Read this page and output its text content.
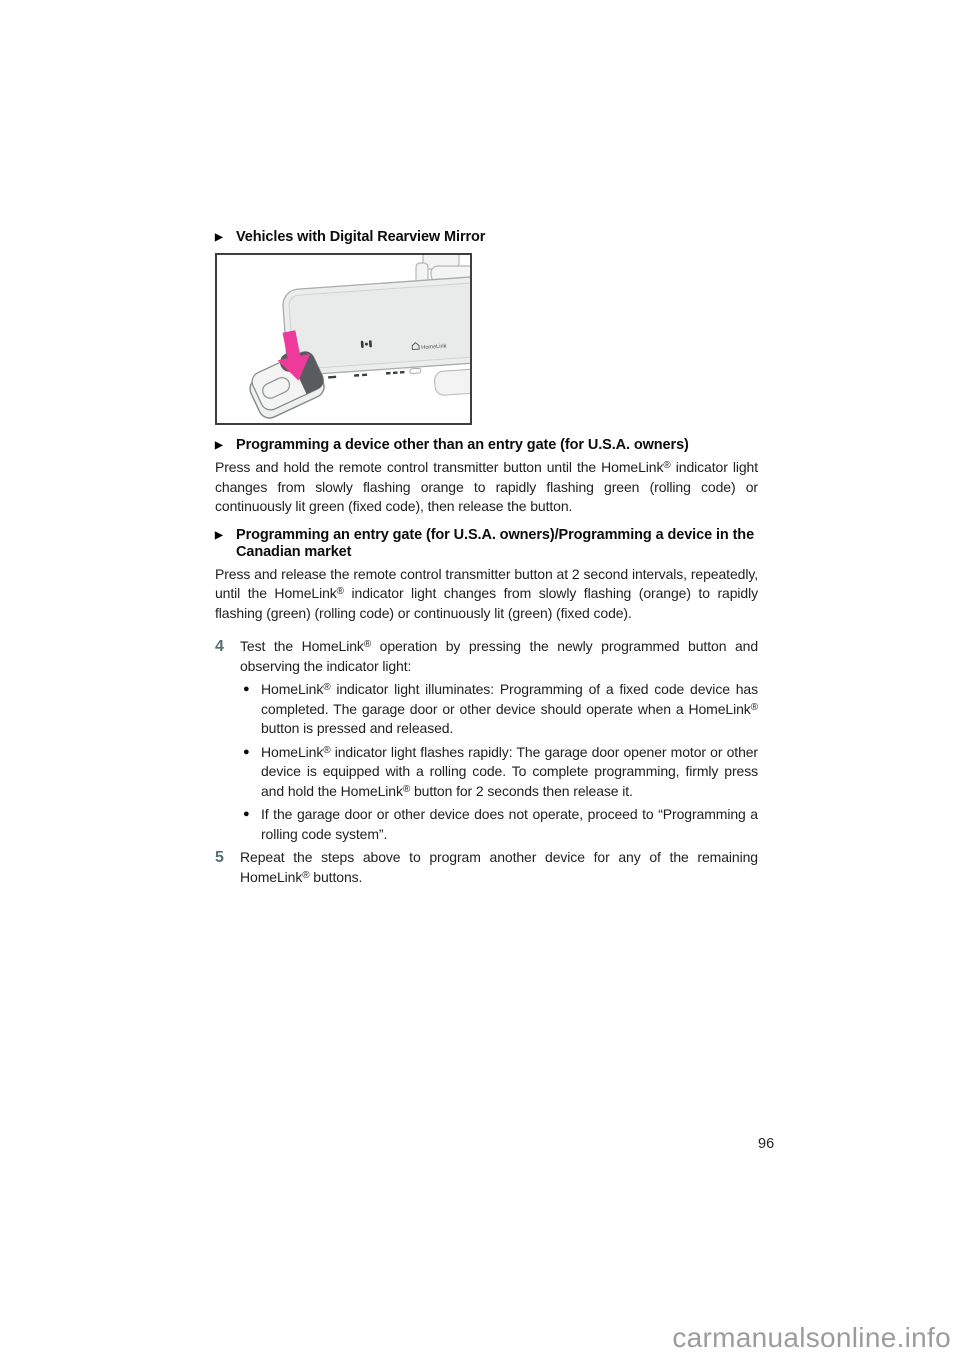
▶ Vehicles with Digital Rearview Mirror
HomeLink
▶ Programming a device other than an entry gate (for U.S.A. owners)

Press and hold the remote control transmitter button until the HomeLink® indicator light changes from slowly flashing orange to rapidly flashing green (rolling code) or continuously lit green (fixed code), then release the button.

▶ Programming an entry gate (for U.S.A. owners)/Programming a device in the Canadian market

Press and release the remote control transmitter button at 2 second intervals, repeatedly, until the HomeLink® indicator light changes from slowly flashing (orange) to rapidly flashing (green) (rolling code) or continuously lit (green) (fixed code).

4	Test the HomeLink® operation by pressing the newly programmed button and observing the indicator light:

● HomeLink® indicator light illuminates: Programming of a fixed code device has completed. The garage door or other device should operate when a HomeLink® button is pressed and released.

● HomeLink® indicator light flashes rapidly: The garage door opener motor or other device is equipped with a rolling code. To complete programming, firmly press and hold the HomeLink® button for 2 seconds then release it.

● If the garage door or other device does not operate, proceed to “Programming a rolling code system”.

5	Repeat the steps above to program another device for any of the remaining HomeLink® buttons.

96
carmanualsonline.info
